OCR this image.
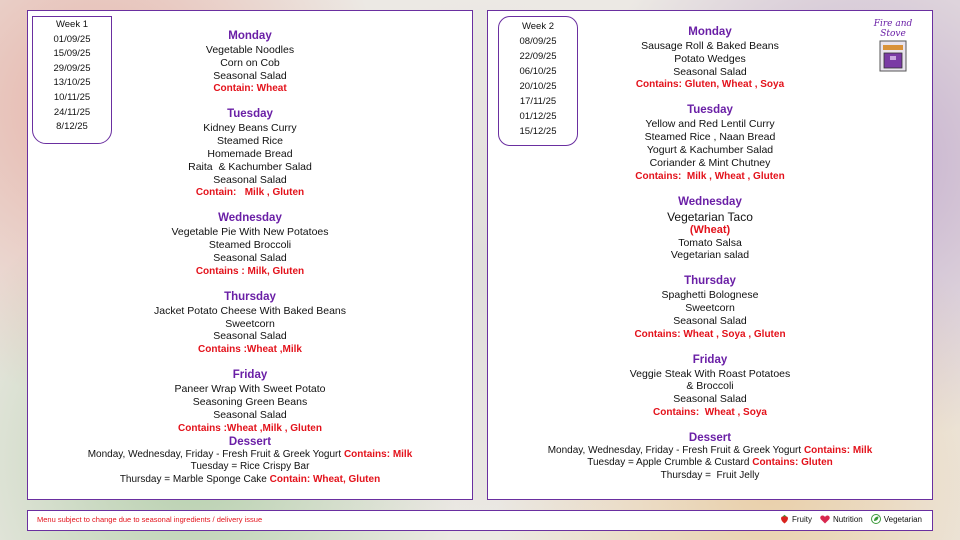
Week 1
01/09/25
15/09/25
29/09/25
13/10/25
10/11/25
24/11/25
8/12/25
Monday
Vegetable Noodles
Corn on Cob
Seasonal Salad
Contain: Wheat
Tuesday
Kidney Beans Curry
Steamed Rice
Homemade Bread
Raita  & Kachumber Salad
Seasonal Salad
Contain:   Milk , Gluten
Wednesday
Vegetable Pie With New Potatoes
Steamed Broccoli
Seasonal Salad
Contains : Milk, Gluten
Thursday
Jacket Potato Cheese With Baked Beans
Sweetcorn
Seasonal Salad
Contains :Wheat ,Milk
Friday
Paneer Wrap With Sweet Potato
Seasoning Green Beans
Seasonal Salad
Contains :Wheat ,Milk , Gluten
Dessert
Monday, Wednesday, Friday - Fresh Fruit & Greek Yogurt Contains: Milk
Tuesday = Rice Crispy Bar
Thursday = Marble Sponge Cake Contain: Wheat, Gluten
Week 2
08/09/25
22/09/25
06/10/25
20/10/25
17/11/25
01/12/25
15/12/25
Fire and Stove
Monday
Sausage Roll & Baked Beans
Potato Wedges
Seasonal Salad
Contains: Gluten, Wheat , Soya
Tuesday
Yellow and Red Lentil Curry
Steamed Rice , Naan Bread
Yogurt & Kachumber Salad
Coriander & Mint Chutney
Contains:  Milk , Wheat , Gluten
Wednesday
Vegetarian Taco
(Wheat)
Tomato Salsa
Vegetarian salad
Thursday
Spaghetti Bolognese
Sweetcorn
Seasonal Salad
Contains: Wheat , Soya , Gluten
Friday
Veggie Steak With Roast Potatoes
& Broccoli
Seasonal Salad
Contains:  Wheat , Soya
Dessert
Monday, Wednesday, Friday - Fresh Fruit & Greek Yogurt Contains: Milk
Tuesday = Apple Crumble & Custard Contains: Gluten
Thursday =  Fruit Jelly
Menu subject to change due to seasonal ingredients / delivery issue	Fruity	Nutrition	Vegetarian
